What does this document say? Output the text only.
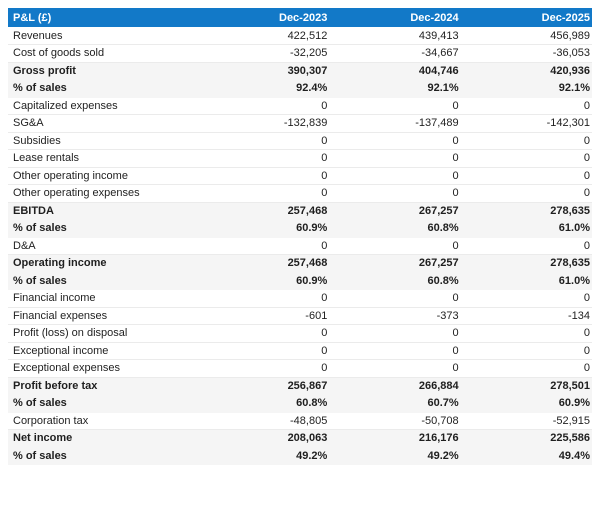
P&L (£)	Dec-2023	Dec-2024	Dec-2025
Revenues	422,512	439,413	456,989
Cost of goods sold	-32,205	-34,667	-36,053
Gross profit	390,307	404,746	420,936
% of sales	92.4%	92.1%	92.1%
Capitalized expenses	0	0	0
SG&A	-132,839	-137,489	-142,301
Subsidies	0	0	0
Lease rentals	0	0	0
Other operating income	0	0	0
Other operating expenses	0	0	0
EBITDA	257,468	267,257	278,635
% of sales	60.9%	60.8%	61.0%
D&A	0	0	0
Operating income	257,468	267,257	278,635
% of sales	60.9%	60.8%	61.0%
Financial income	0	0	0
Financial expenses	-601	-373	-134
Profit (loss) on disposal	0	0	0
Exceptional income	0	0	0
Exceptional expenses	0	0	0
Profit before tax	256,867	266,884	278,501
% of sales	60.8%	60.7%	60.9%
Corporation tax	-48,805	-50,708	-52,915
Net income	208,063	216,176	225,586
% of sales	49.2%	49.2%	49.4%
